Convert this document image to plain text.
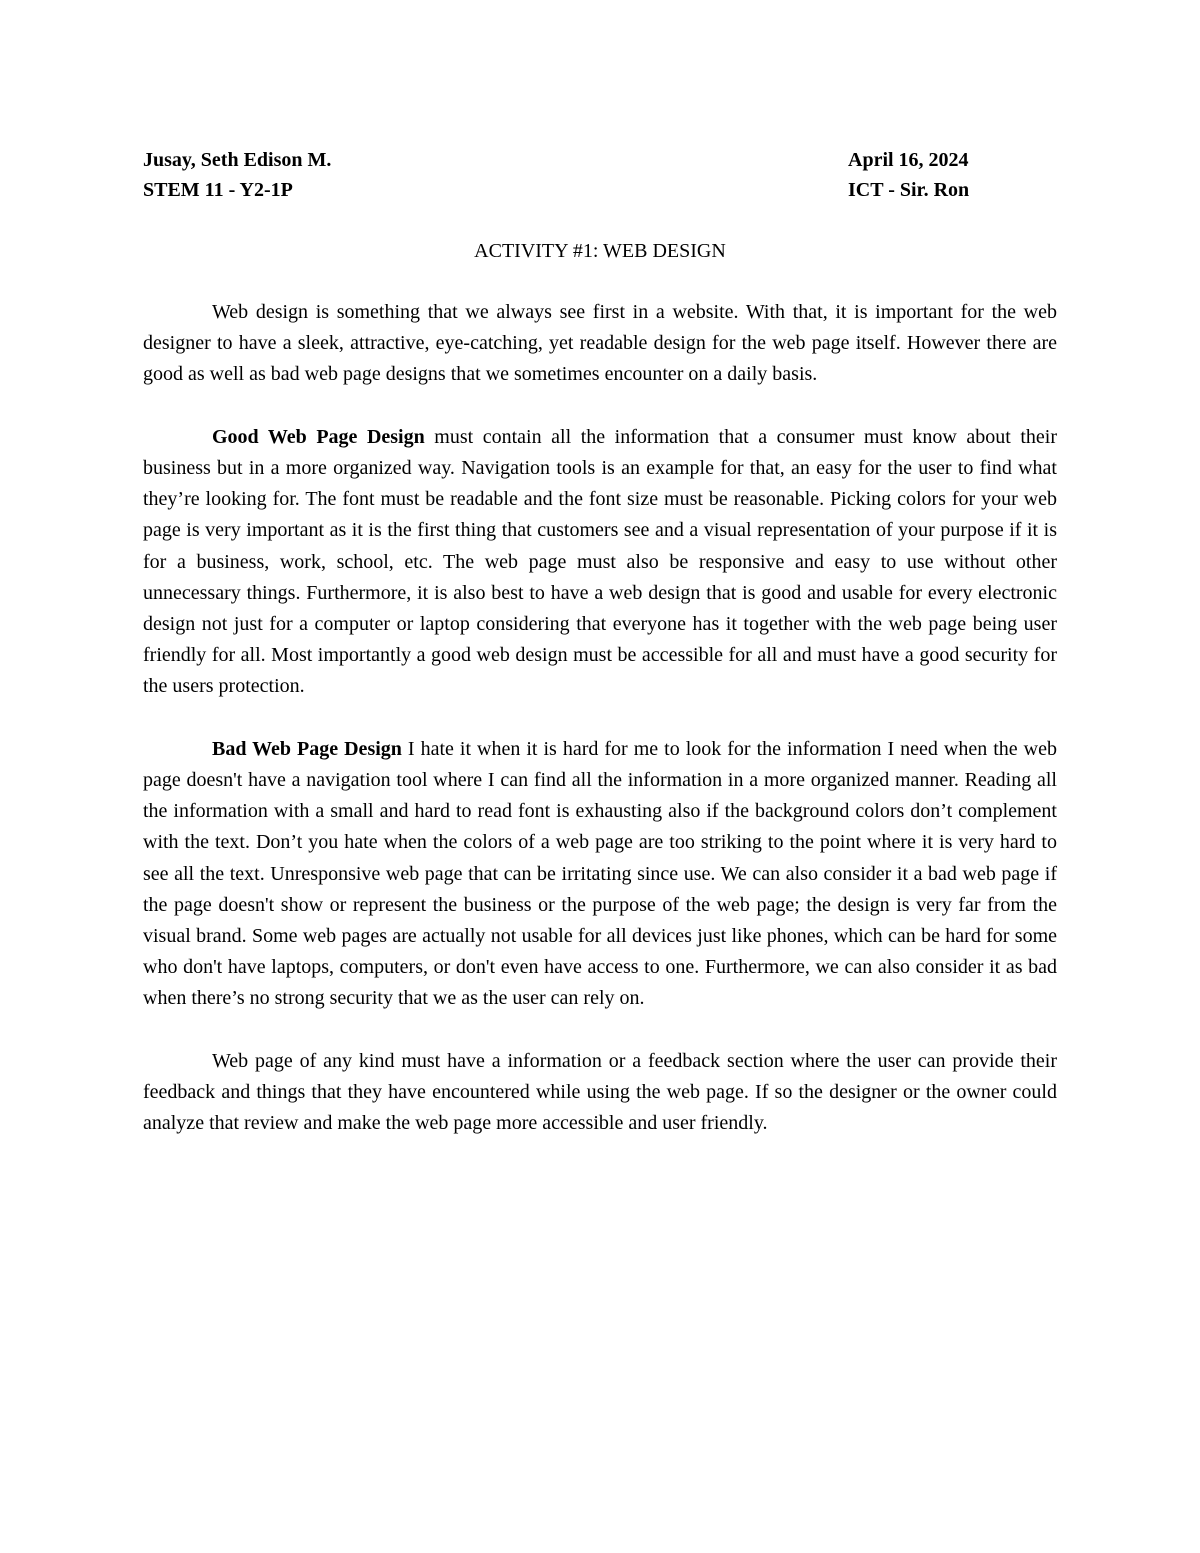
Jusay, Seth Edison M.	April 16, 2024
STEM 11 - Y2-1P	ICT - Sir. Ron
ACTIVITY #1: WEB DESIGN

Web design is something that we always see first in a website. With that, it is important for the web designer to have a sleek, attractive, eye-catching, yet readable design for the web page itself. However there are good as well as bad web page designs that we sometimes encounter on a daily basis.

Good Web Page Design must contain all the information that a consumer must know about their business but in a more organized way. Navigation tools is an example for that, an easy for the user to find what they’re looking for. The font must be readable and the font size must be reasonable. Picking colors for your web page is very important as it is the first thing that customers see and a visual representation of your purpose if it is for a business, work, school, etc. The web page must also be responsive and easy to use without other unnecessary things. Furthermore, it is also best to have a web design that is good and usable for every electronic design not just for a computer or laptop considering that everyone has it together with the web page being user friendly for all. Most importantly a good web design must be accessible for all and must have a good security for the users protection.

Bad Web Page Design I hate it when it is hard for me to look for the information I need when the web page doesn't have a navigation tool where I can find all the information in a more organized manner. Reading all the information with a small and hard to read font is exhausting also if the background colors don’t complement with the text. Don’t you hate when the colors of a web page are too striking to the point where it is very hard to see all the text. Unresponsive web page that can be irritating since use. We can also consider it a bad web page if the page doesn't show or represent the business or the purpose of the web page; the design is very far from the visual brand. Some web pages are actually not usable for all devices just like phones, which can be hard for some who don't have laptops, computers, or don't even have access to one. Furthermore, we can also consider it as bad when there’s no strong security that we as the user can rely on.

Web page of any kind must have a information or a feedback section where the user can provide their feedback and things that they have encountered while using the web page. If so the designer or the owner could analyze that review and make the web page more accessible and user friendly.
